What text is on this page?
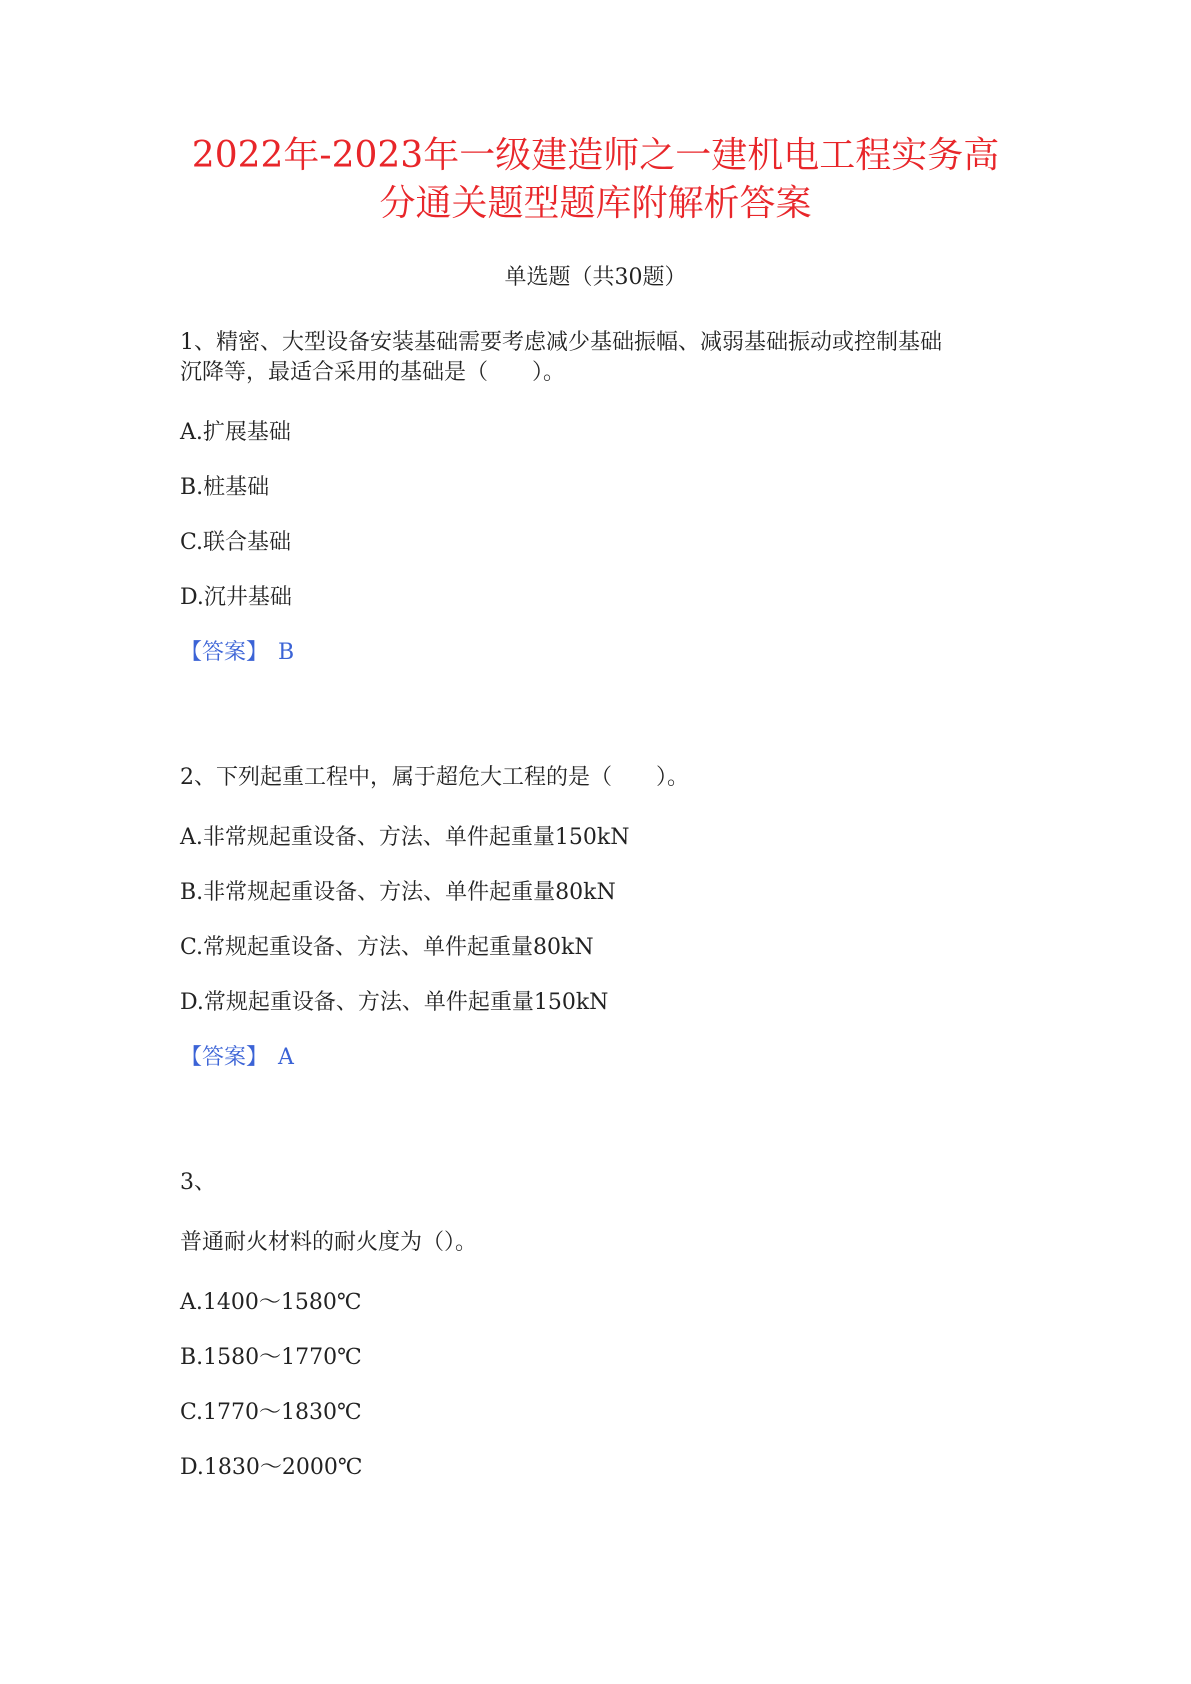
2022年-2023年一级建造师之一建机电工程实务高
分通关题型题库附解析答案
单选题（共30题）
1、精密、大型设备安装基础需要考虑减少基础振幅、减弱基础振动或控制基础
沉降等，最适合采用的基础是（　　）。
A.扩展基础
B.桩基础
C.联合基础
D.沉井基础
【答案】 B
2、下列起重工程中，属于超危大工程的是（　　）。
A.非常规起重设备、方法、单件起重量150kN
B.非常规起重设备、方法、单件起重量80kN
C.常规起重设备、方法、单件起重量80kN
D.常规起重设备、方法、单件起重量150kN
【答案】 A
3、
普通耐火材料的耐火度为（）。
A.1400～1580℃
B.1580～1770℃
C.1770～1830℃
D.1830～2000℃
